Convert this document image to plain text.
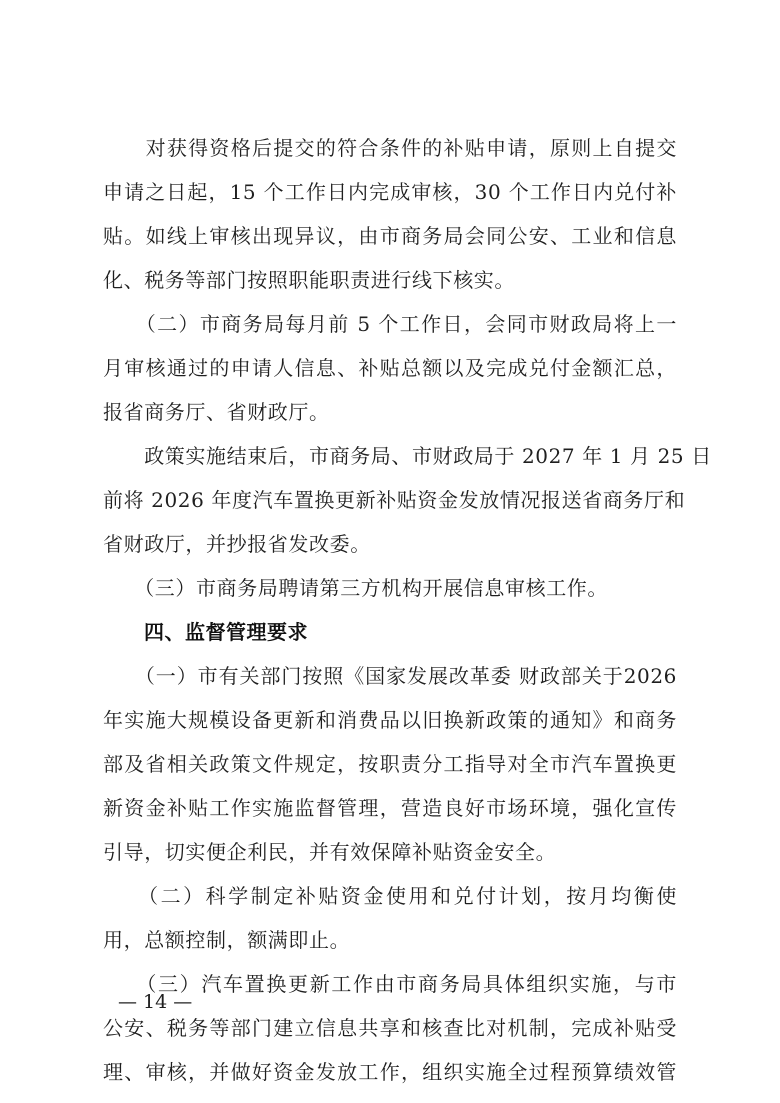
　　对获得资格后提交的符合条件的补贴申请，原则上自提交
申请之日起，15 个工作日内完成审核，30 个工作日内兑付补
贴。如线上审核出现异议，由市商务局会同公安、工业和信息
化、税务等部门按照职能职责进行线下核实。
　　（二）市商务局每月前 5 个工作日，会同市财政局将上一
月审核通过的申请人信息、补贴总额以及完成兑付金额汇总，
报省商务厅、省财政厅。
　　政策实施结束后，市商务局、市财政局于 2027 年 1 月 25 日
前将 2026 年度汽车置换更新补贴资金发放情况报送省商务厅和
省财政厅，并抄报省发改委。
　　（三）市商务局聘请第三方机构开展信息审核工作。
　　四、监督管理要求
　　（一）市有关部门按照《国家发展改革委 财政部关于2026
年实施大规模设备更新和消费品以旧换新政策的通知》和商务
部及省相关政策文件规定，按职责分工指导对全市汽车置换更
新资金补贴工作实施监督管理，营造良好市场环境，强化宣传
引导，切实便企利民，并有效保障补贴资金安全。
　　（二）科学制定补贴资金使用和兑付计划，按月均衡使
用，总额控制，额满即止。
　　（三）汽车置换更新工作由市商务局具体组织实施，与市
公安、税务等部门建立信息共享和核查比对机制，完成补贴受
理、审核，并做好资金发放工作，组织实施全过程预算绩效管
— 14 —
